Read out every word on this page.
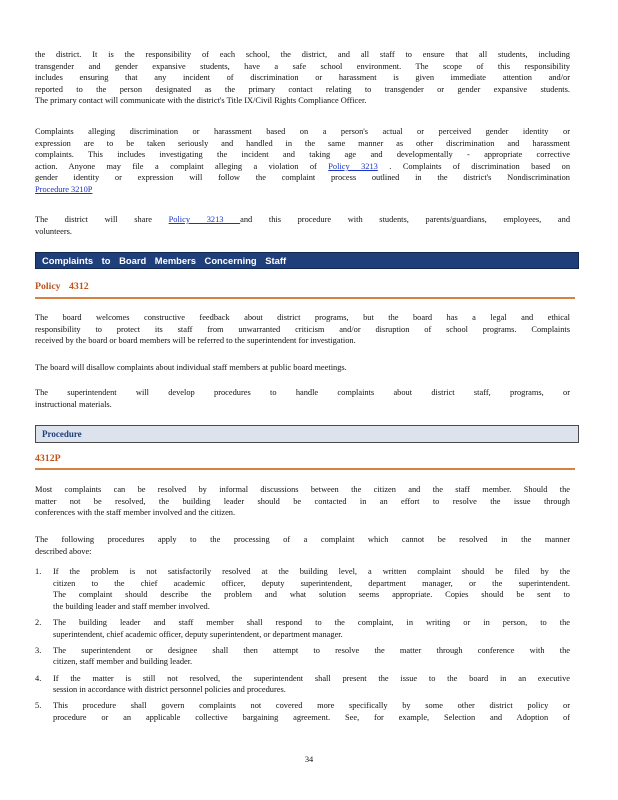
the district. It is the responsibility of each school, the district, and all staff to ensure that all students, including

transgender and gender expansive students, have a safe school environment. The scope of this responsibility

includes ensuring that any incident of discrimination or harassment is given immediate attention and/or

reported to the person designated as the primary contact relating to transgender or gender expansive students.

The primary contact will communicate with the district's Title IX/Civil Rights Compliance Officer.

Complaints alleging discrimination or harassment based on a person's actual or perceived gender identity or

expression are to be taken seriously and handled in the same manner as other discrimination and harassment

complaints. This includes investigating the incident and taking age and developmentally - appropriate corrective

action. Anyone may file a complaint alleging a violation of Policy 3213 . Complaints of discrimination based on

gender identity or expression will follow the complaint process outlined in the district's Nondiscrimination

Procedure 3210P

The district will share Policy 3213 and this procedure with students, parents/guardians, employees, and

volunteers.

Complaints to Board Members Concerning Staff
Policy 4312

The board welcomes constructive feedback about district programs, but the board has a legal and ethical

responsibility to protect its staff from unwarranted criticism and/or disruption of school programs. Complaints

received by the board or board members will be referred to the superintendent for investigation.

The board will disallow complaints about individual staff members at public board meetings.

The superintendent will develop procedures to handle complaints about district staff, programs, or

instructional materials.

Procedure
4312P

Most complaints can be resolved by informal discussions between the citizen and the staff member. Should the

matter not be resolved, the building leader should be contacted in an effort to resolve the issue through

conferences with the staff member involved and the citizen.

The following procedures apply to the processing of a complaint which cannot be resolved in the manner

described above:

1. If the problem is not satisfactorily resolved at the building level, a written complaint should be filed by the

citizen to the chief academic officer, deputy superintendent, department manager, or the superintendent.

The complaint should describe the problem and what solution seems appropriate. Copies should be sent to

the building leader and staff member involved.

2. The building leader and staff member shall respond to the complaint, in writing or in person, to the

superintendent, chief academic officer, deputy superintendent, or department manager.

3. The superintendent or designee shall then attempt to resolve the matter through conference with the

citizen, staff member and building leader.

4. If the matter is still not resolved, the superintendent shall present the issue to the board in an executive

session in accordance with district personnel policies and procedures.

5. This procedure shall govern complaints not covered more specifically by some other district policy or

procedure or an applicable collective bargaining agreement. See, for example, Selection and Adoption of

34
